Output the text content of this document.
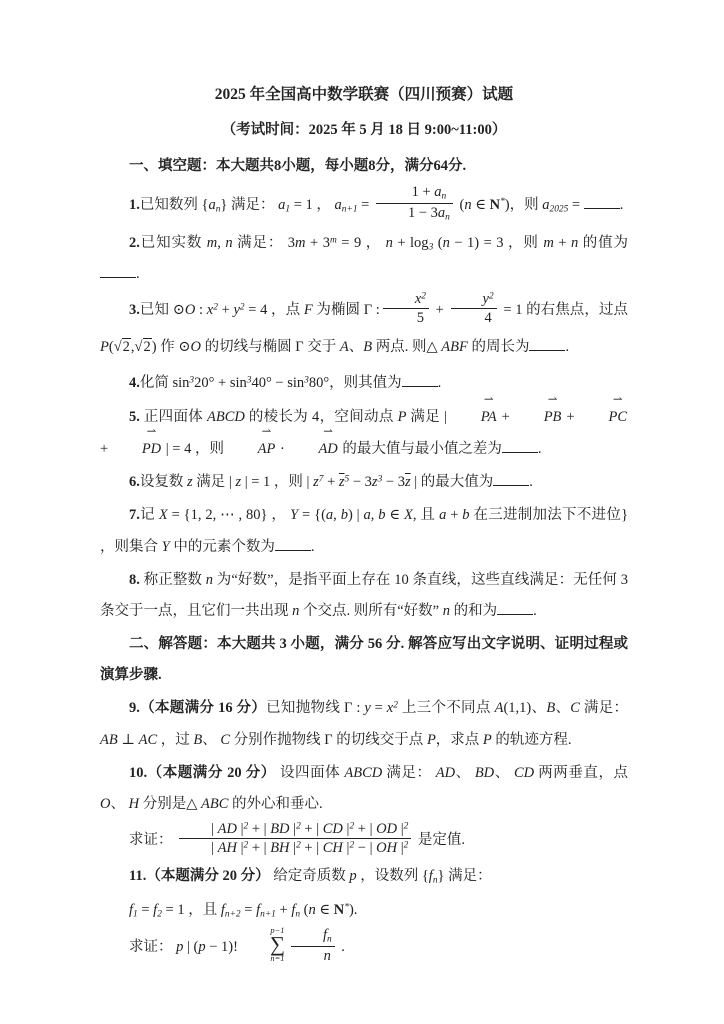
2025 年全国高中数学联赛（四川预赛）试题
（考试时间：2025 年 5 月 18 日 9:00~11:00）

一、填空题：本大题共8小题，每小题8分，满分64分.

1.已知数列 $\{a_n\}$ 满足： $a_1 = 1$ ， $a_{n+1} = \frac{1 + a_n}{1 - 3a_n} (n$ ∈ N*)，则 $a_{2025}$ = .

2.已知实数 m, n 满足： $3m + 3^m = 9$ ， $n + \log_3 (n - 1) = 3$ ，则 m + n 的值为.

3.已知 ⊙O : $x^2 + y^2 = 4$ ，点 F 为椭圆 Γ : $\frac{x^2}{5} + \frac{y^2}{4} = 1$ 的右焦点，过点 P(√2,√2) 作 ⊙O 的切线与椭圆 Γ 交于 A、B 两点. 则△ ABF 的周长为 .

4.化简 $\sin^320^\circ + \sin^340^\circ - \sin^380^\circ$，则其值为 .

5. 正四面体 ABCD 的棱长为 4，空间动点 P 满足 |
⇀
PA +
⇀
PB +
⇀
PC +
⇀
PD | = 4 ，则
⇀
AP ·
⇀
AD 的最大值与最小值之差为 .

6.设复数 z 满足 | z | = 1 ，则 | $z^7 + \overline{z}^5 - 3z^3 - 3\overline{z}$ | 的最大值为 .

7.记 X = {1, 2, ⋯ , 80} ， Y = {(a, b) | a, b ∈ X, 且 a + b 在三进制加法下不进位} ，则集合 Y 中的元素个数为 .

8. 称正整数 n 为“好数”，是指平面上存在 10 条直线，这些直线满足：无任何 3 条交于一点，且它们一共出现 n 个交点. 则所有“好数” n 的和为 .

二、解答题：本大题共 3 小题，满分 56 分. 解答应写出文字说明、证明过程或演算步骤.

9.（本题满分 16 分）已知抛物线 Γ : $y = x^2$ 上三个不同点 A(1,1)、B、C 满足： AB ⊥ AC ，过 B、 C 分别作抛物线 Γ 的切线交于点 P，求点 P 的轨迹方程.

10.（本题满分 20 分） 设四面体 ABCD 满足： AD、 BD、 CD 两两垂直，点 O、 H 分别是△ ABC 的外心和垂心.

求证： $\frac{| AD |^2 + | BD |^2 + | CD |^2 + | OD |^2}{| AH |^2 + | BH |^2 + | CH |^2 - | OH |^2}$ 是定值.

11.（本题满分 20 分） 给定奇质数 p ，设数列 $\{f_n\}$ 满足：

$f_1 = f_2 = 1$ ，且 $f_{n+2} = f_{n+1} + f_n$ (n ∈ N*).

求证： p | (p − 1)!
p−1
∑
$n=1 \frac{f_n}{n}$ .
